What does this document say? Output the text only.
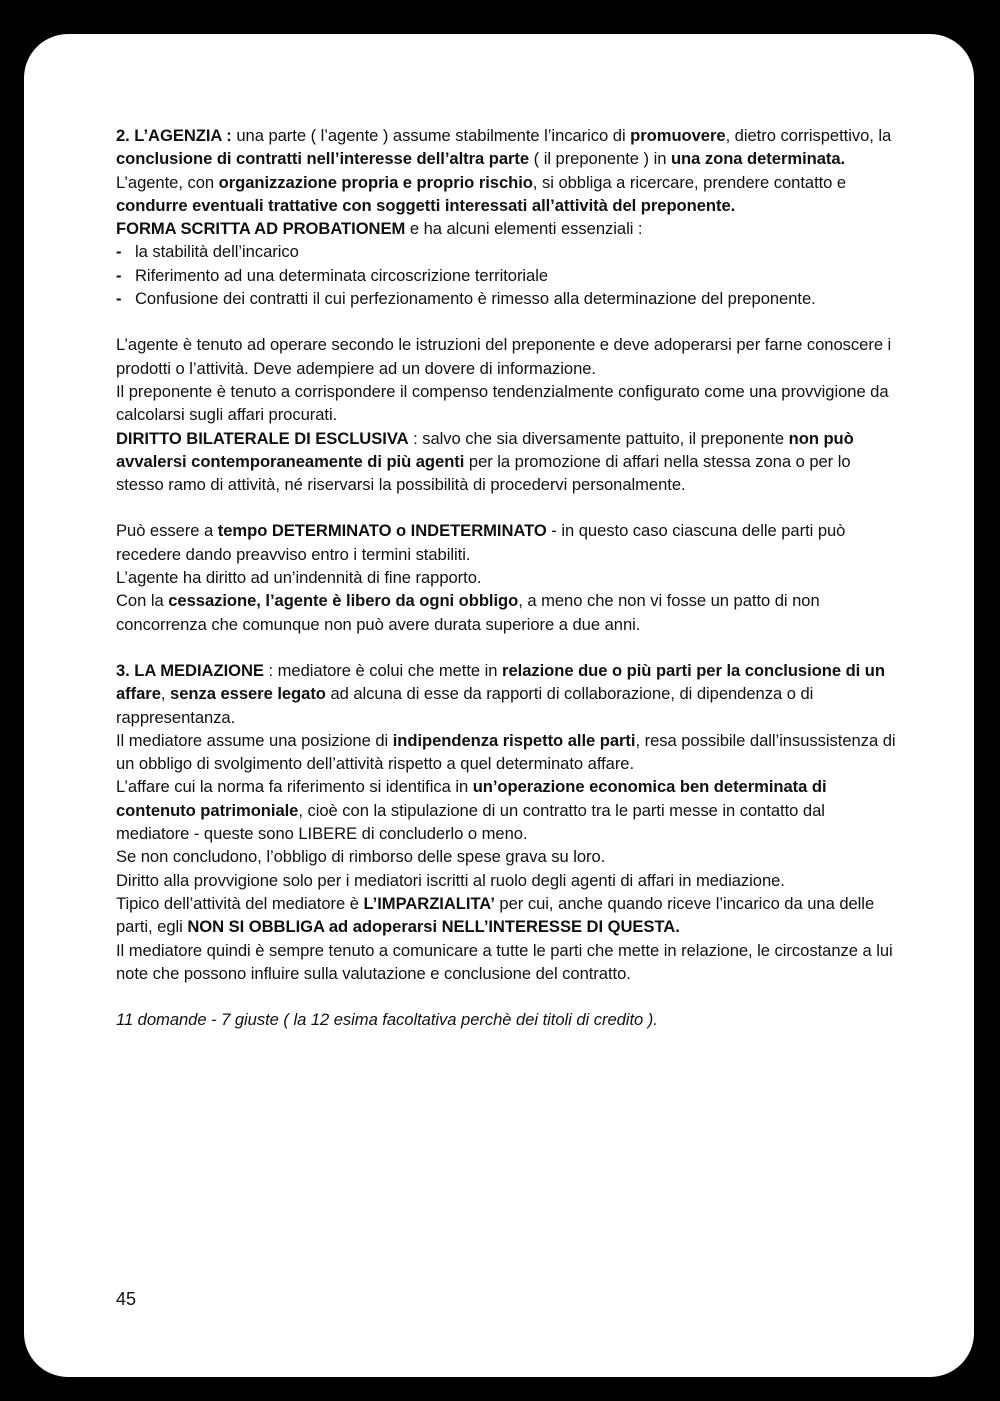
2. L’AGENZIA : una parte ( l’agente ) assume stabilmente l’incarico di promuovere, dietro corrispettivo, la conclusione di contratti nell’interesse dell’altra parte ( il preponente ) in una zona determinata.

L’agente, con organizzazione propria e proprio rischio, si obbliga a ricercare, prendere contatto e condurre eventuali trattative con soggetti interessati all’attività del preponente.

FORMA SCRITTA AD PROBATIONEM e ha alcuni elementi essenziali :

- la stabilità dell’incarico
- Riferimento ad una determinata circoscrizione territoriale
- Confusione dei contratti il cui perfezionamento è rimesso alla determinazione del preponente.

L’agente è tenuto ad operare secondo le istruzioni del preponente e deve adoperarsi per farne conoscere i prodotti o l’attività. Deve adempiere ad un dovere di informazione.

Il preponente è tenuto a corrispondere il compenso tendenzialmente configurato come una provvigione da calcolarsi sugli affari procurati.

DIRITTO BILATERALE DI ESCLUSIVA : salvo che sia diversamente pattuito, il preponente non può avvalersi contemporaneamente di più agenti per la promozione di affari nella stessa zona o per lo stesso ramo di attività, né riservarsi la possibilità di procedervi personalmente.

Può essere a tempo DETERMINATO o INDETERMINATO - in questo caso ciascuna delle parti può recedere dando preavviso entro i termini stabiliti.

L’agente ha diritto ad un’indennità di fine rapporto.

Con la cessazione, l’agente è libero da ogni obbligo, a meno che non vi fosse un patto di non concorrenza che comunque non può avere durata superiore a due anni.

3. LA MEDIAZIONE : mediatore è colui che mette in relazione due o più parti per la conclusione di un affare, senza essere legato ad alcuna di esse da rapporti di collaborazione, di dipendenza o di rappresentanza.

Il mediatore assume una posizione di indipendenza rispetto alle parti, resa possibile dall’insussistenza di un obbligo di svolgimento dell’attività rispetto a quel determinato affare.

L’affare cui la norma fa riferimento si identifica in un’operazione economica ben determinata di contenuto patrimoniale, cioè con la stipulazione di un contratto tra le parti messe in contatto dal mediatore - queste sono LIBERE di concluderlo o meno.

Se non concludono, l’obbligo di rimborso delle spese grava su loro.

Diritto alla provvigione solo per i mediatori iscritti al ruolo degli agenti di affari in mediazione.

Tipico dell’attività del mediatore è L’IMPARZIALITA’ per cui, anche quando riceve l’incarico da una delle parti, egli NON SI OBBLIGA ad adoperarsi NELL’INTERESSE DI QUESTA.

Il mediatore quindi è sempre tenuto a comunicare a tutte le parti che mette in relazione, le circostanze a lui note che possono influire sulla valutazione e conclusione del contratto.

11 domande - 7 giuste ( la 12 esima facoltativa perchè dei titoli di credito ).

45
